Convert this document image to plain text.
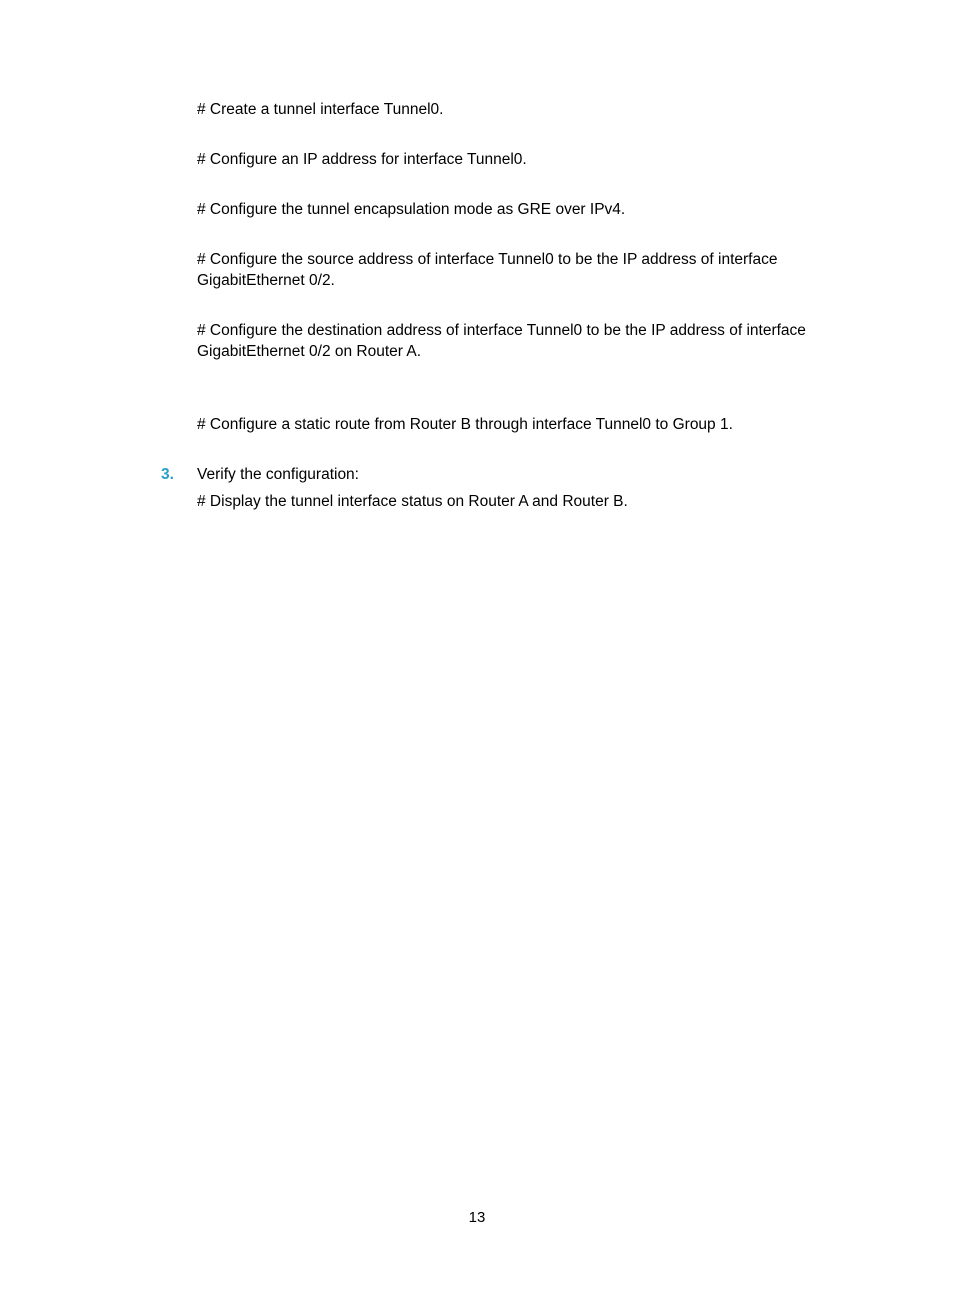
# Create a tunnel interface Tunnel0.

# Configure an IP address for interface Tunnel0.

# Configure the tunnel encapsulation mode as GRE over IPv4.

# Configure the source address of interface Tunnel0 to be the IP address of interface GigabitEthernet 0/2.

# Configure the destination address of interface Tunnel0 to be the IP address of interface GigabitEthernet 0/2 on Router A.

# Configure a static route from Router B through interface Tunnel0 to Group 1.

3. Verify the configuration:
# Display the tunnel interface status on Router A and Router B.
13
